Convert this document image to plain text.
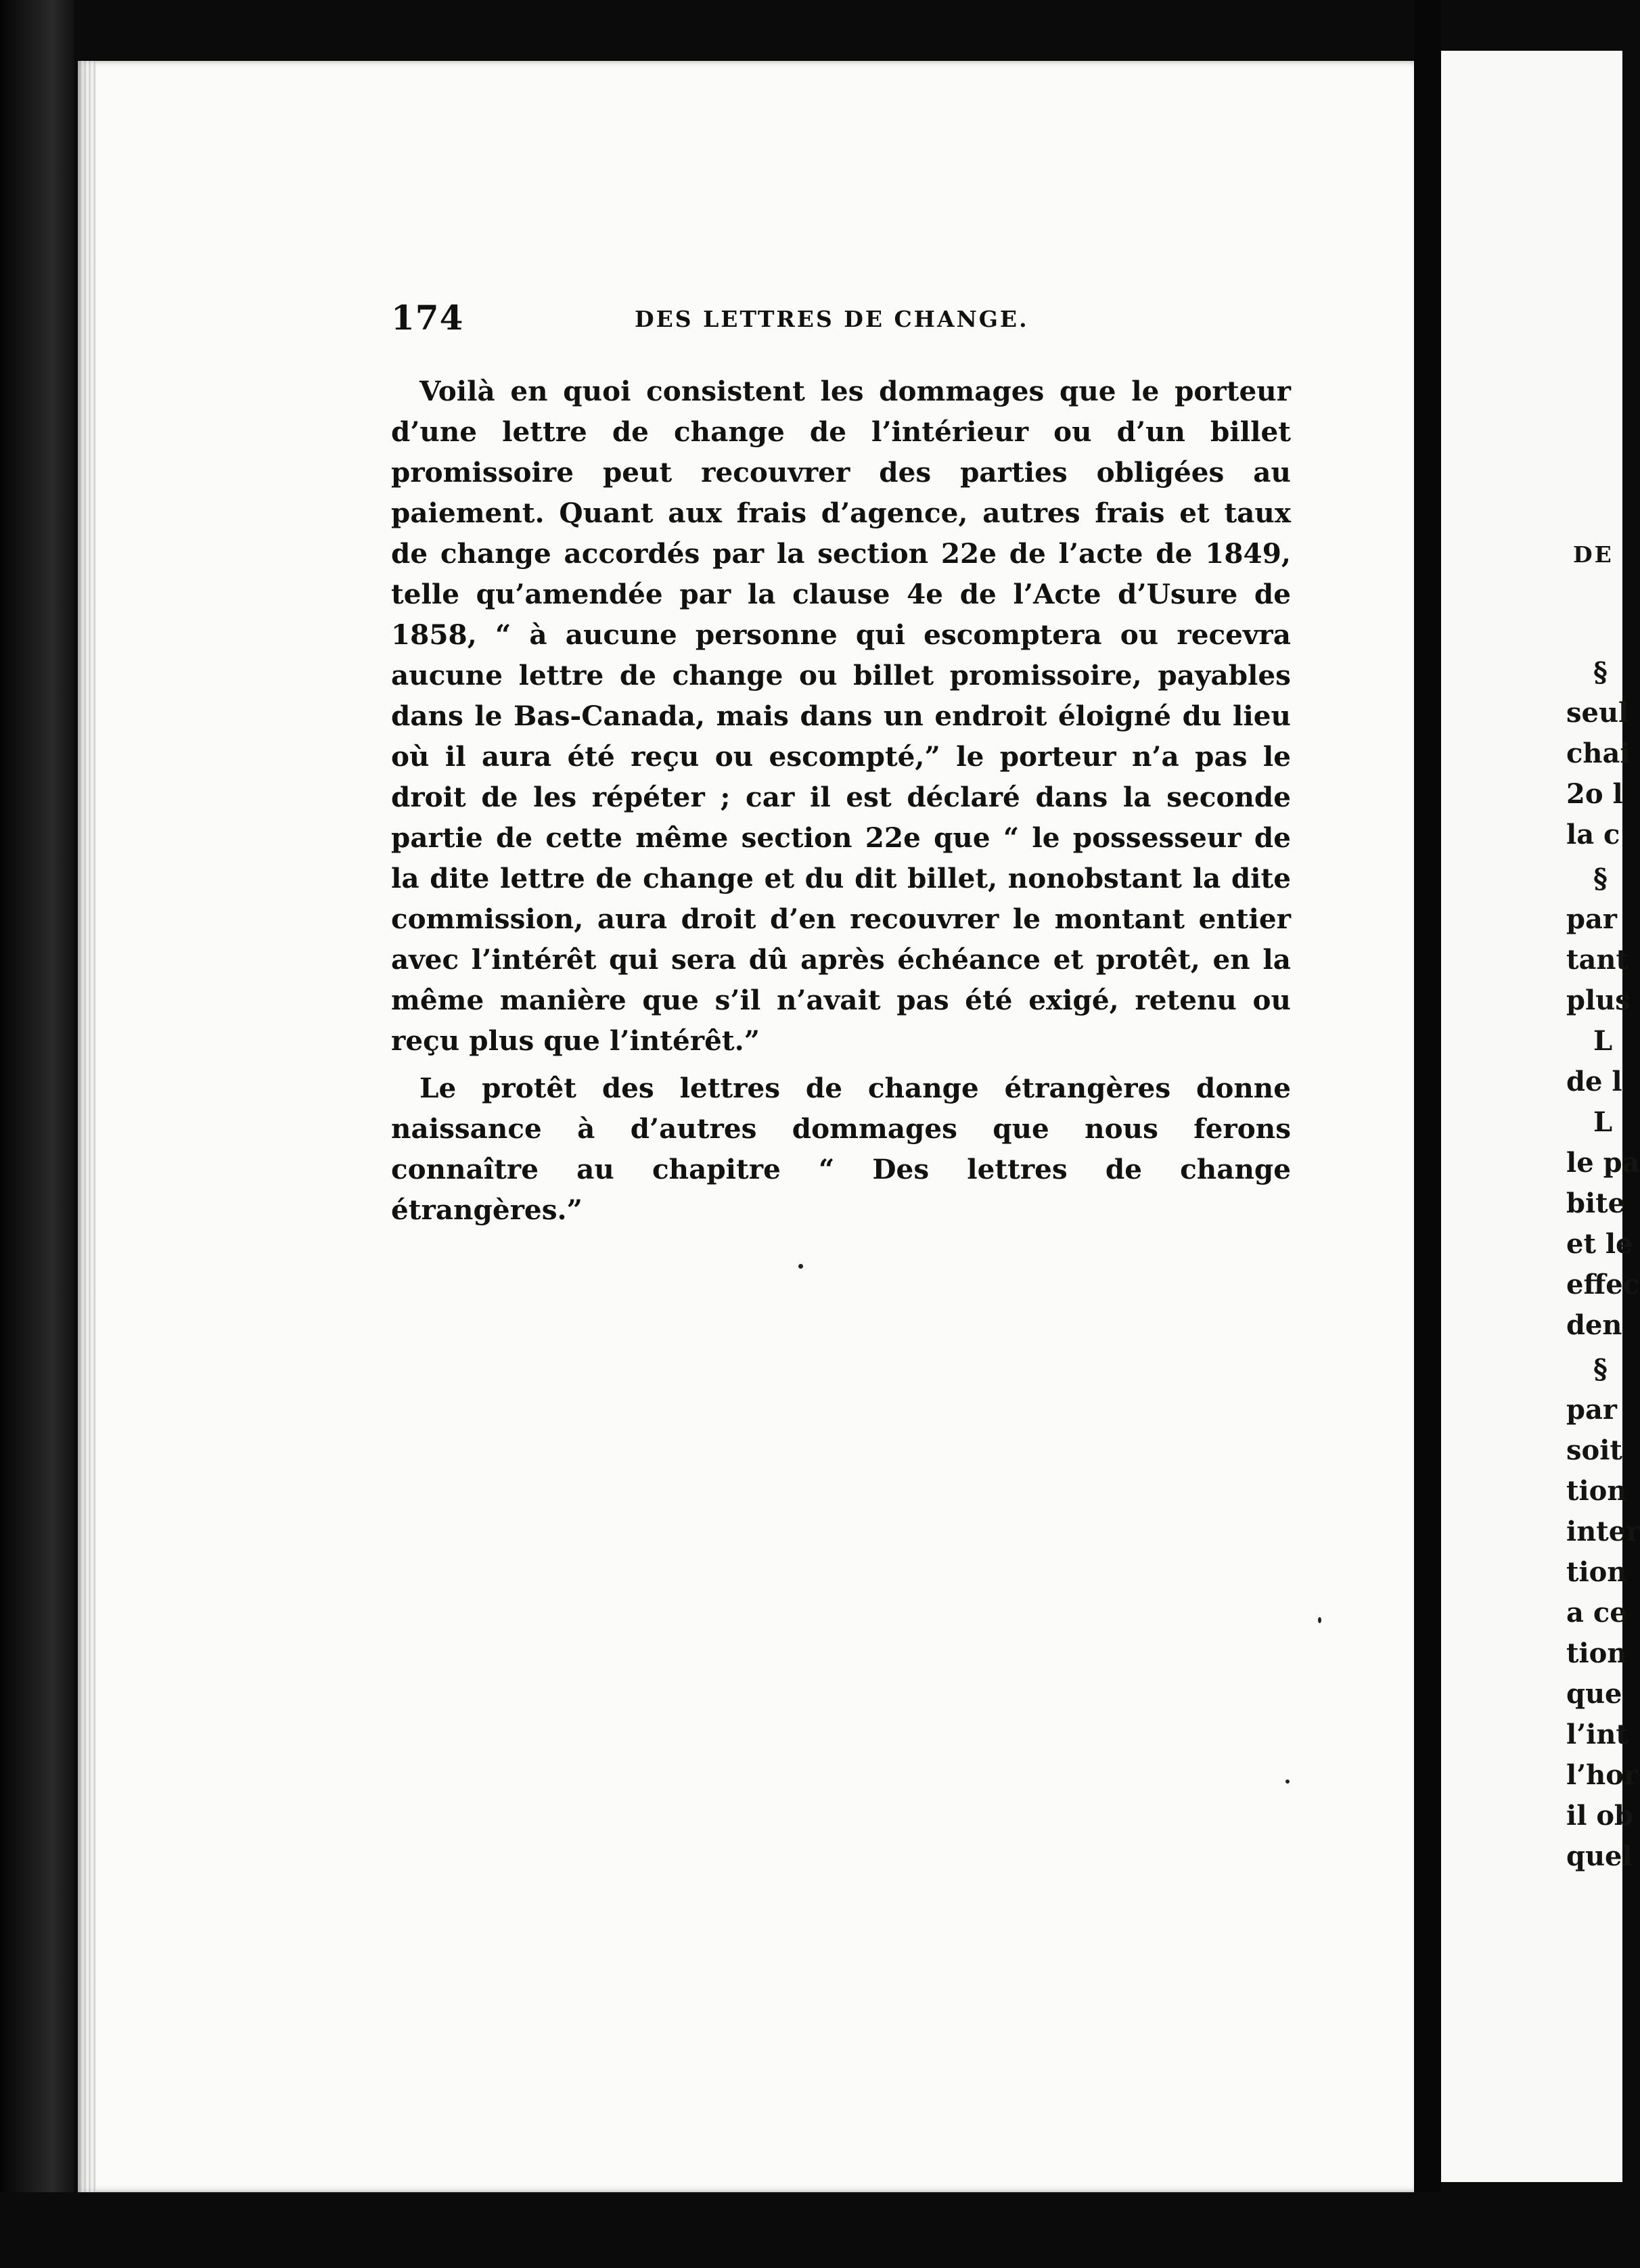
174	DES LETTRES DE CHANGE.

Voilà en quoi consistent les dommages que le porteur d’une lettre de change de l’intérieur ou d’un billet promissoire peut recouvrer des parties obligées au paiement. Quant aux frais d’agence, autres frais et taux de change accordés par la section 22e de l’acte de 1849, telle qu’amendée par la clause 4e de l’Acte d’Usure de 1858, “ à aucune personne qui escomptera ou recevra aucune lettre de change ou billet promissoire, payables dans le Bas-Canada, mais dans un endroit éloigné du lieu où il aura été reçu ou escompté,” le porteur n’a pas le droit de les répéter ; car il est déclaré dans la seconde partie de cette même section 22e que “ le possesseur de la dite lettre de change et du dit billet, nonobstant la dite commission, aura droit d’en recouvrer le montant entier avec l’intérêt qui sera dû après échéance et protêt, en la même manière que s’il n’avait pas été exigé, retenu ou reçu plus que l’intérêt.”

Le protêt des lettres de change étrangères donne naissance à d’autres dommages que nous ferons connaître au chapitre “ Des lettres de change étrangères.”

DE
§
seul
chai
2o l
la c
§
par
tant
plus
L
de l
L
le pa
bite
et le
effec
den
§
par
soit
tion
inter
tion
a ce
tion
que
l’int
l’hor
il ob
quel
